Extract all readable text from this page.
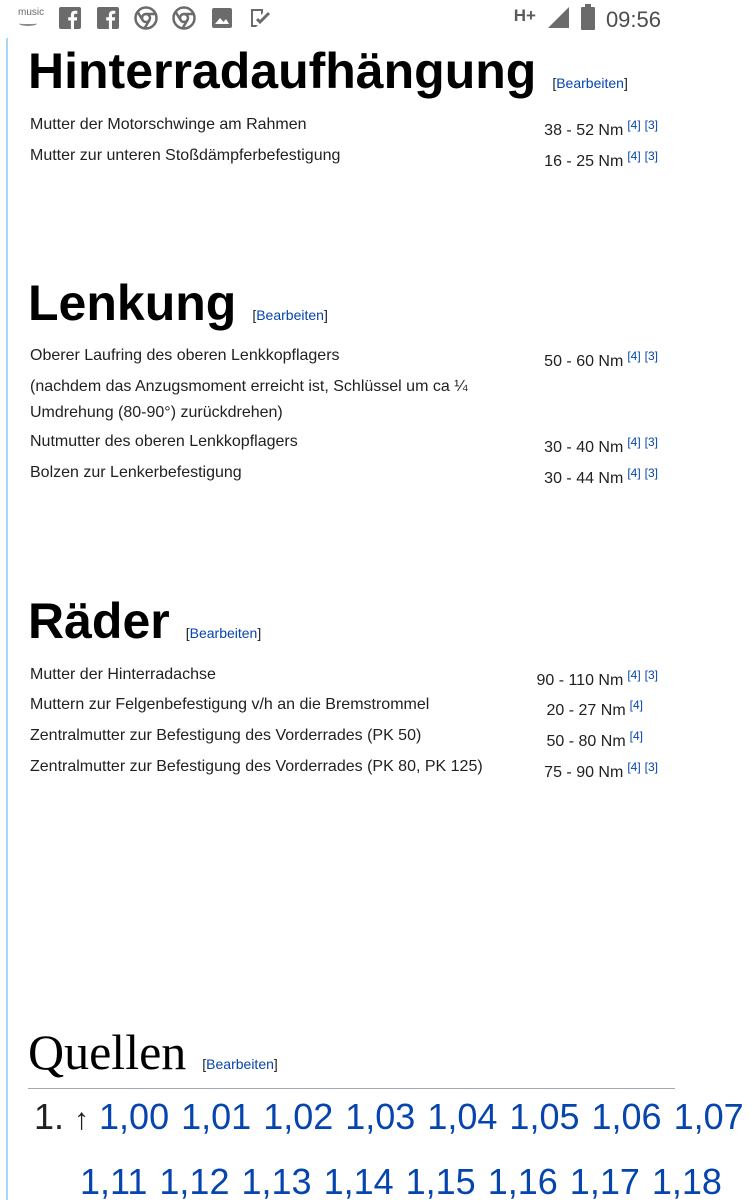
music	H+	09:56
Hinterradaufhängung [Bearbeiten]
Mutter der Motorschwinge am Rahmen	38 - 52 Nm [4] [3]
Mutter zur unteren Stoßdämpferbefestigung	16 - 25 Nm [4] [3]
Lenkung [Bearbeiten]
Oberer Laufring des oberen Lenkkopflagers	50 - 60 Nm [4] [3]
(nachdem das Anzugsmoment erreicht ist, Schlüssel um ca ¼ Umdrehung (80-90°) zurückdrehen)
Nutmutter des oberen Lenkkopflagers	30 - 40 Nm [4] [3]
Bolzen zur Lenkerbefestigung	30 - 44 Nm [4] [3]
Räder [Bearbeiten]
Mutter der Hinterradachse	90 - 110 Nm [4] [3]
Muttern zur Felgenbefestigung v/h an die Bremstrommel	20 - 27 Nm [4]
Zentralmutter zur Befestigung des Vorderrades (PK 50)	50 - 80 Nm [4]
Zentralmutter zur Befestigung des Vorderrades (PK 80, PK 125)	75 - 90 Nm [4] [3]
Quellen [Bearbeiten]
1. ↑ 1,00 1,01 1,02 1,03 1,04 1,05 1,06 1,07
1,11 1,12 1,13 1,14 1,15 1,16 1,17 1,18
